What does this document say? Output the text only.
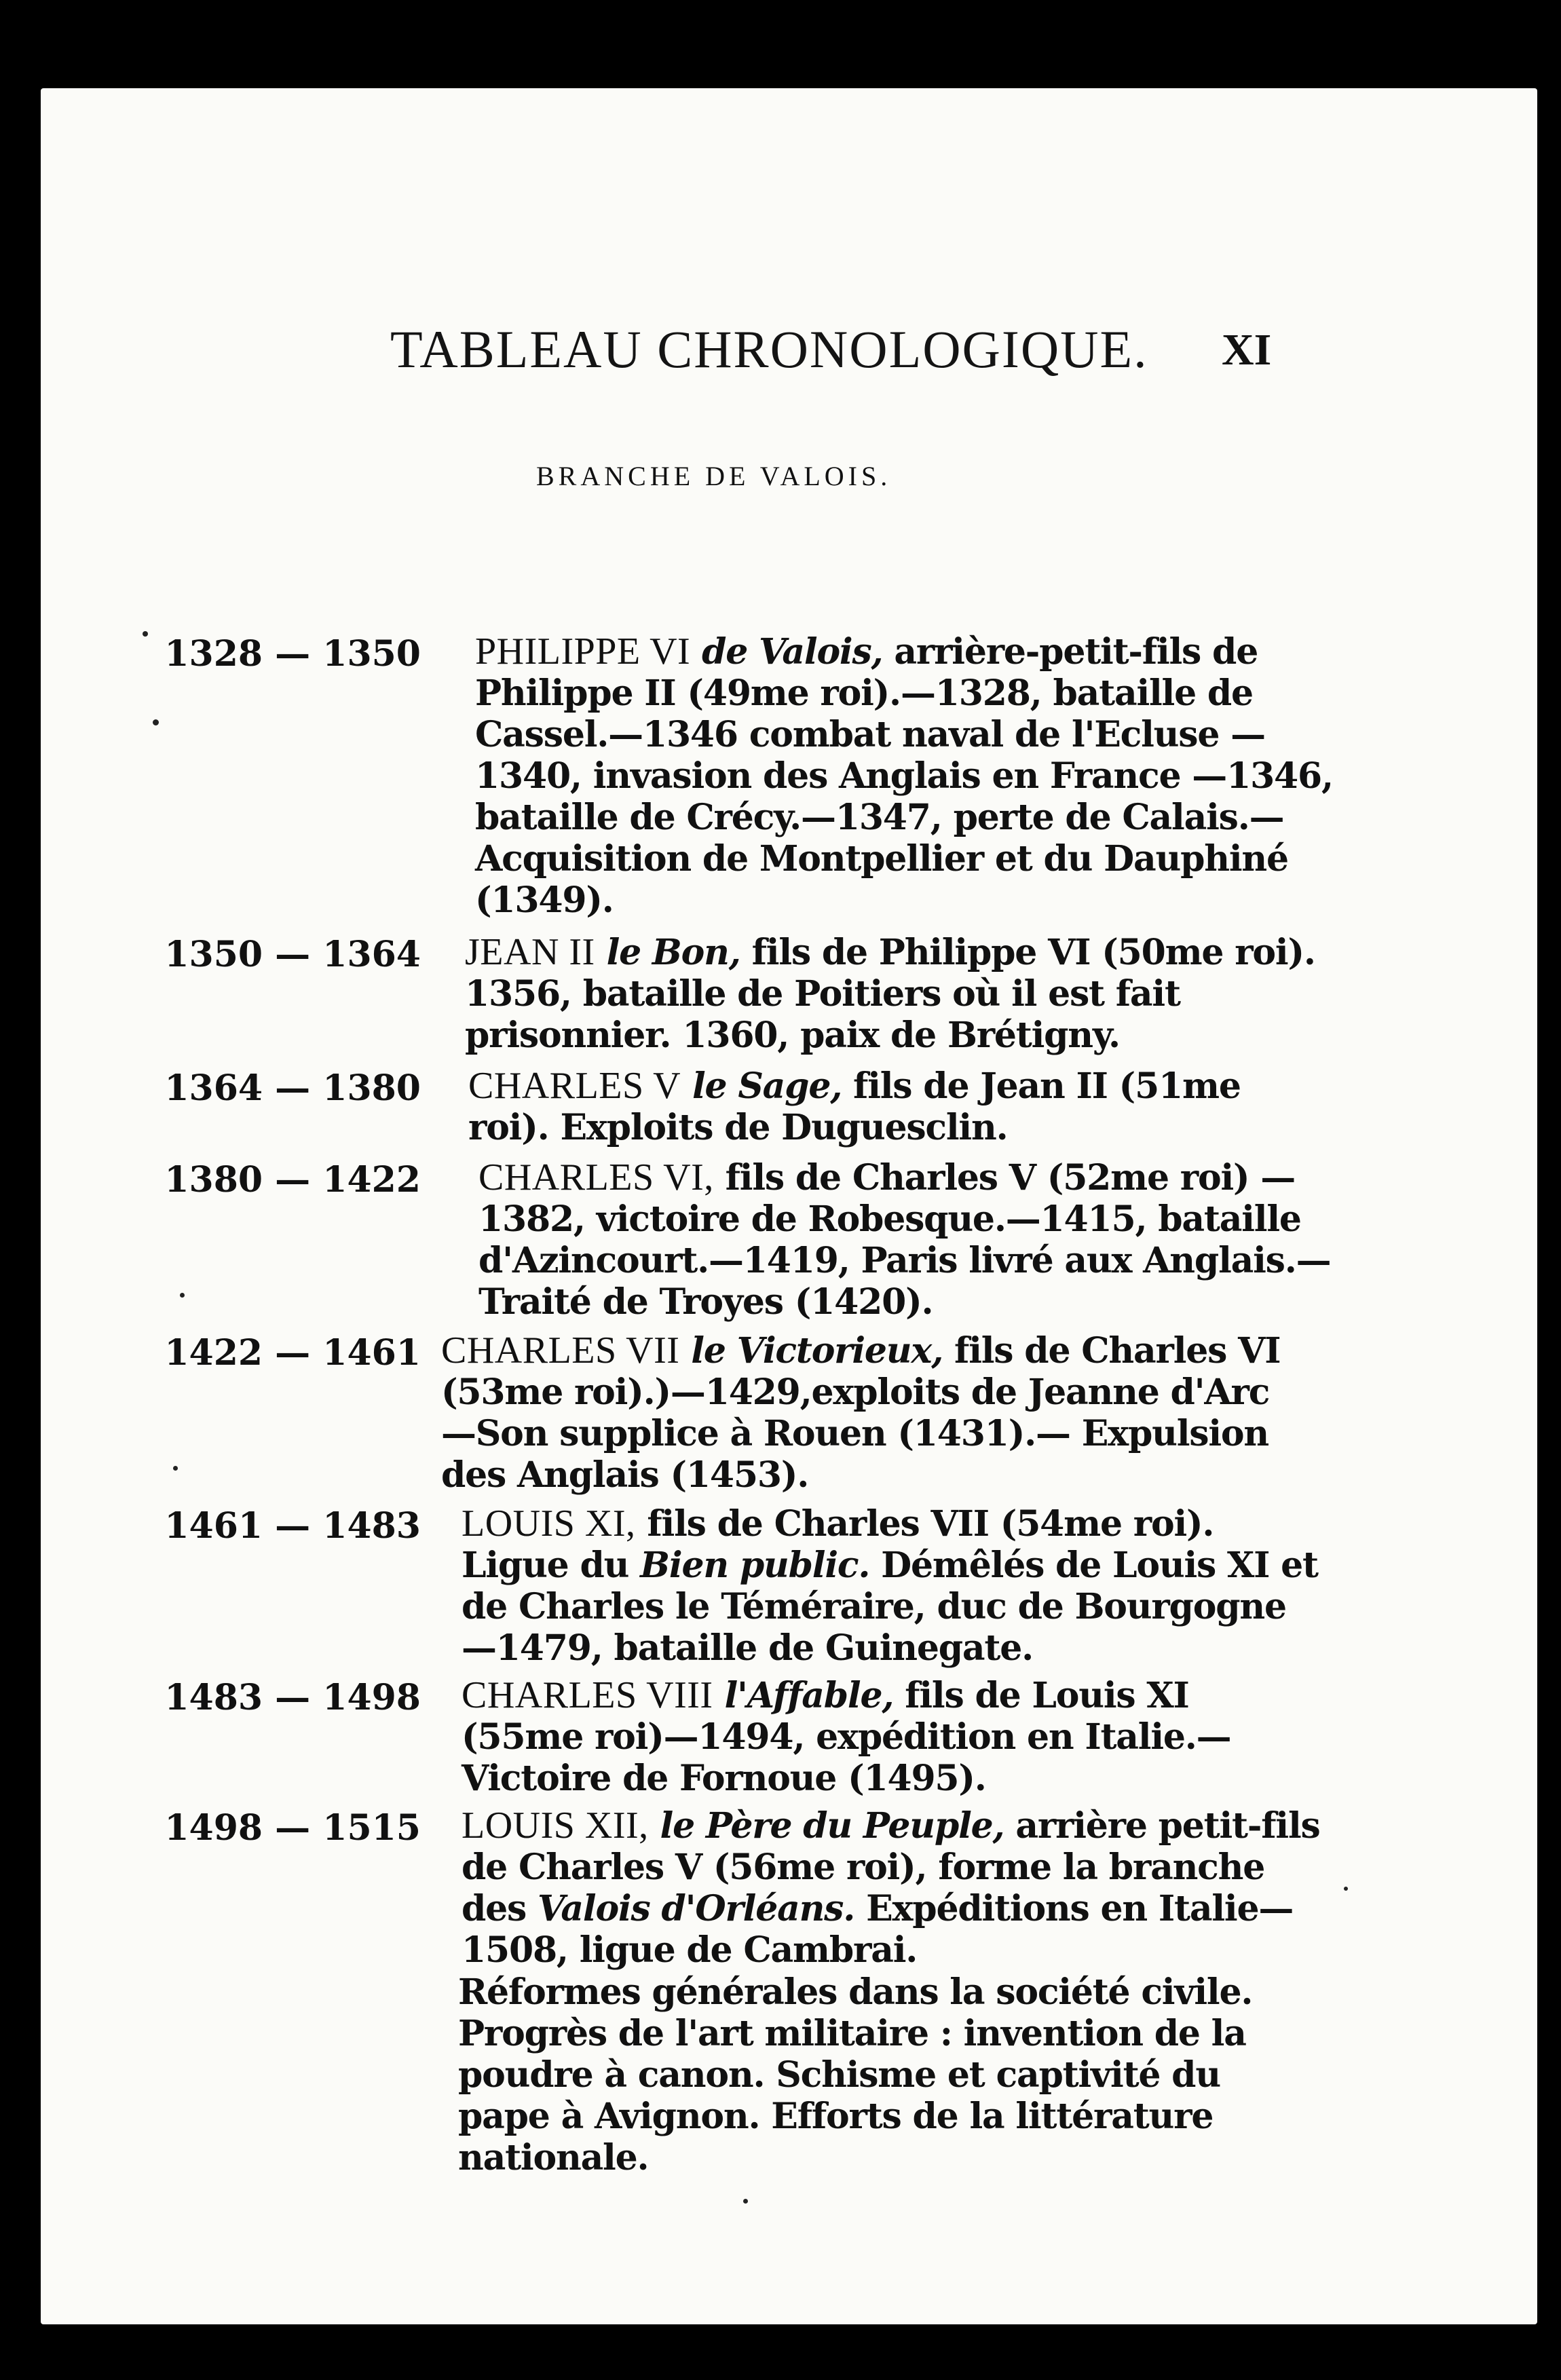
TABLEAU CHRONOLOGIQUE. XI
BRANCHE DE VALOIS.
1328 — 1350 PHILIPPE VI de Valois, arrière-petit-fils de Philippe II (49me roi).—1328, bataille de Cassel.—1346 combat naval de l'Ecluse —1340, invasion des Anglais en France —1346, bataille de Crécy.—1347, perte de Calais.—Acquisition de Montpellier et du Dauphiné (1349).

1350 — 1364 JEAN II le Bon, fils de Philippe VI (50me roi). 1356, bataille de Poitiers où il est fait prisonnier. 1360, paix de Brétigny.

1364 — 1380 CHARLES V le Sage, fils de Jean II (51me roi). Exploits de Duguesclin.

1380 — 1422 CHARLES VI, fils de Charles V (52me roi) —1382, victoire de Robesque.—1415, bataille d'Azincourt.—1419, Paris livré aux Anglais.—Traité de Troyes (1420).

1422 — 1461 CHARLES VII le Victorieux, fils de Charles VI (53me roi).)—1429,exploits de Jeanne d'Arc —Son supplice à Rouen (1431).— Expulsion des Anglais (1453).

1461 — 1483 LOUIS XI, fils de Charles VII (54me roi). Ligue du Bien public. Démêlés de Louis XI et de Charles le Téméraire, duc de Bourgogne—1479, bataille de Guinegate.

1483 — 1498 CHARLES VIII l'Affable, fils de Louis XI (55me roi)—1494, expédition en Italie.— Victoire de Fornoue (1495).

1498 — 1515 LOUIS XII, le Père du Peuple, arrière petit-fils de Charles V (56me roi), forme la branche des Valois d'Orléans. Expéditions en Italie—1508, ligue de Cambrai.

Réformes générales dans la société civile. Progrès de l'art militaire : invention de la poudre à canon. Schisme et captivité du pape à Avignon. Efforts de la littérature nationale.
